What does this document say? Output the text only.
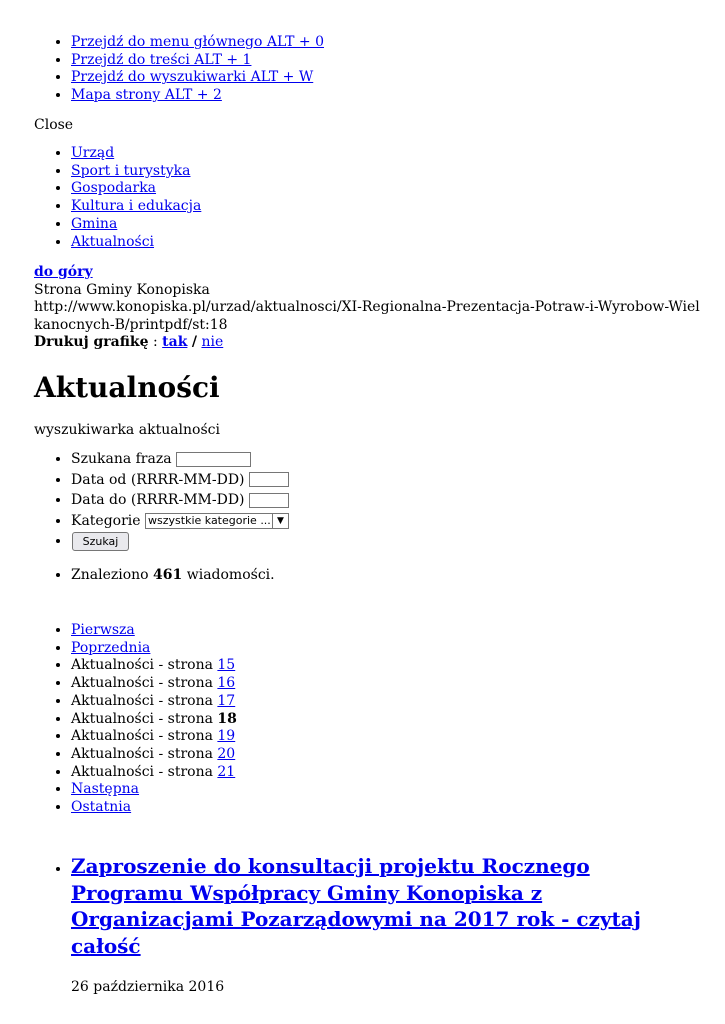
• Przejdź do menu głównego ALT + 0
• Przejdź do treści ALT + 1
• Przejdź do wyszukiwarki ALT + W
• Mapa strony ALT + 2
Close
• Urząd
• Sport i turystyka
• Gospodarka
• Kultura i edukacja
• Gmina
• Aktualności
do góry
Strona Gminy Konopiska
http://www.konopiska.pl/urzad/aktualnosci/XI-Regionalna-Prezentacja-Potraw-i-Wyrobow-Wielkanocnych-B/printpdf/st:18
Drukuj grafikę : tak / nie
Aktualności
wyszukiwarka aktualności
• Szukana fraza
• Data od (RRRR-MM-DD)
• Data do (RRRR-MM-DD)
• Kategorie wszystkie kategorie ... ▼
• Szukaj
• Znaleziono 461 wiadomości.
• Pierwsza
• Poprzednia
• Aktualności - strona 15
• Aktualności - strona 16
• Aktualności - strona 17
• Aktualności - strona 18
• Aktualności - strona 19
• Aktualności - strona 20
• Aktualności - strona 21
• Następna
• Ostatnia
• Zaproszenie do konsultacji projektu Rocznego Programu Współpracy Gminy Konopiska z Organizacjami Pozarządowymi na 2017 rok - czytaj całość
26 października 2016
